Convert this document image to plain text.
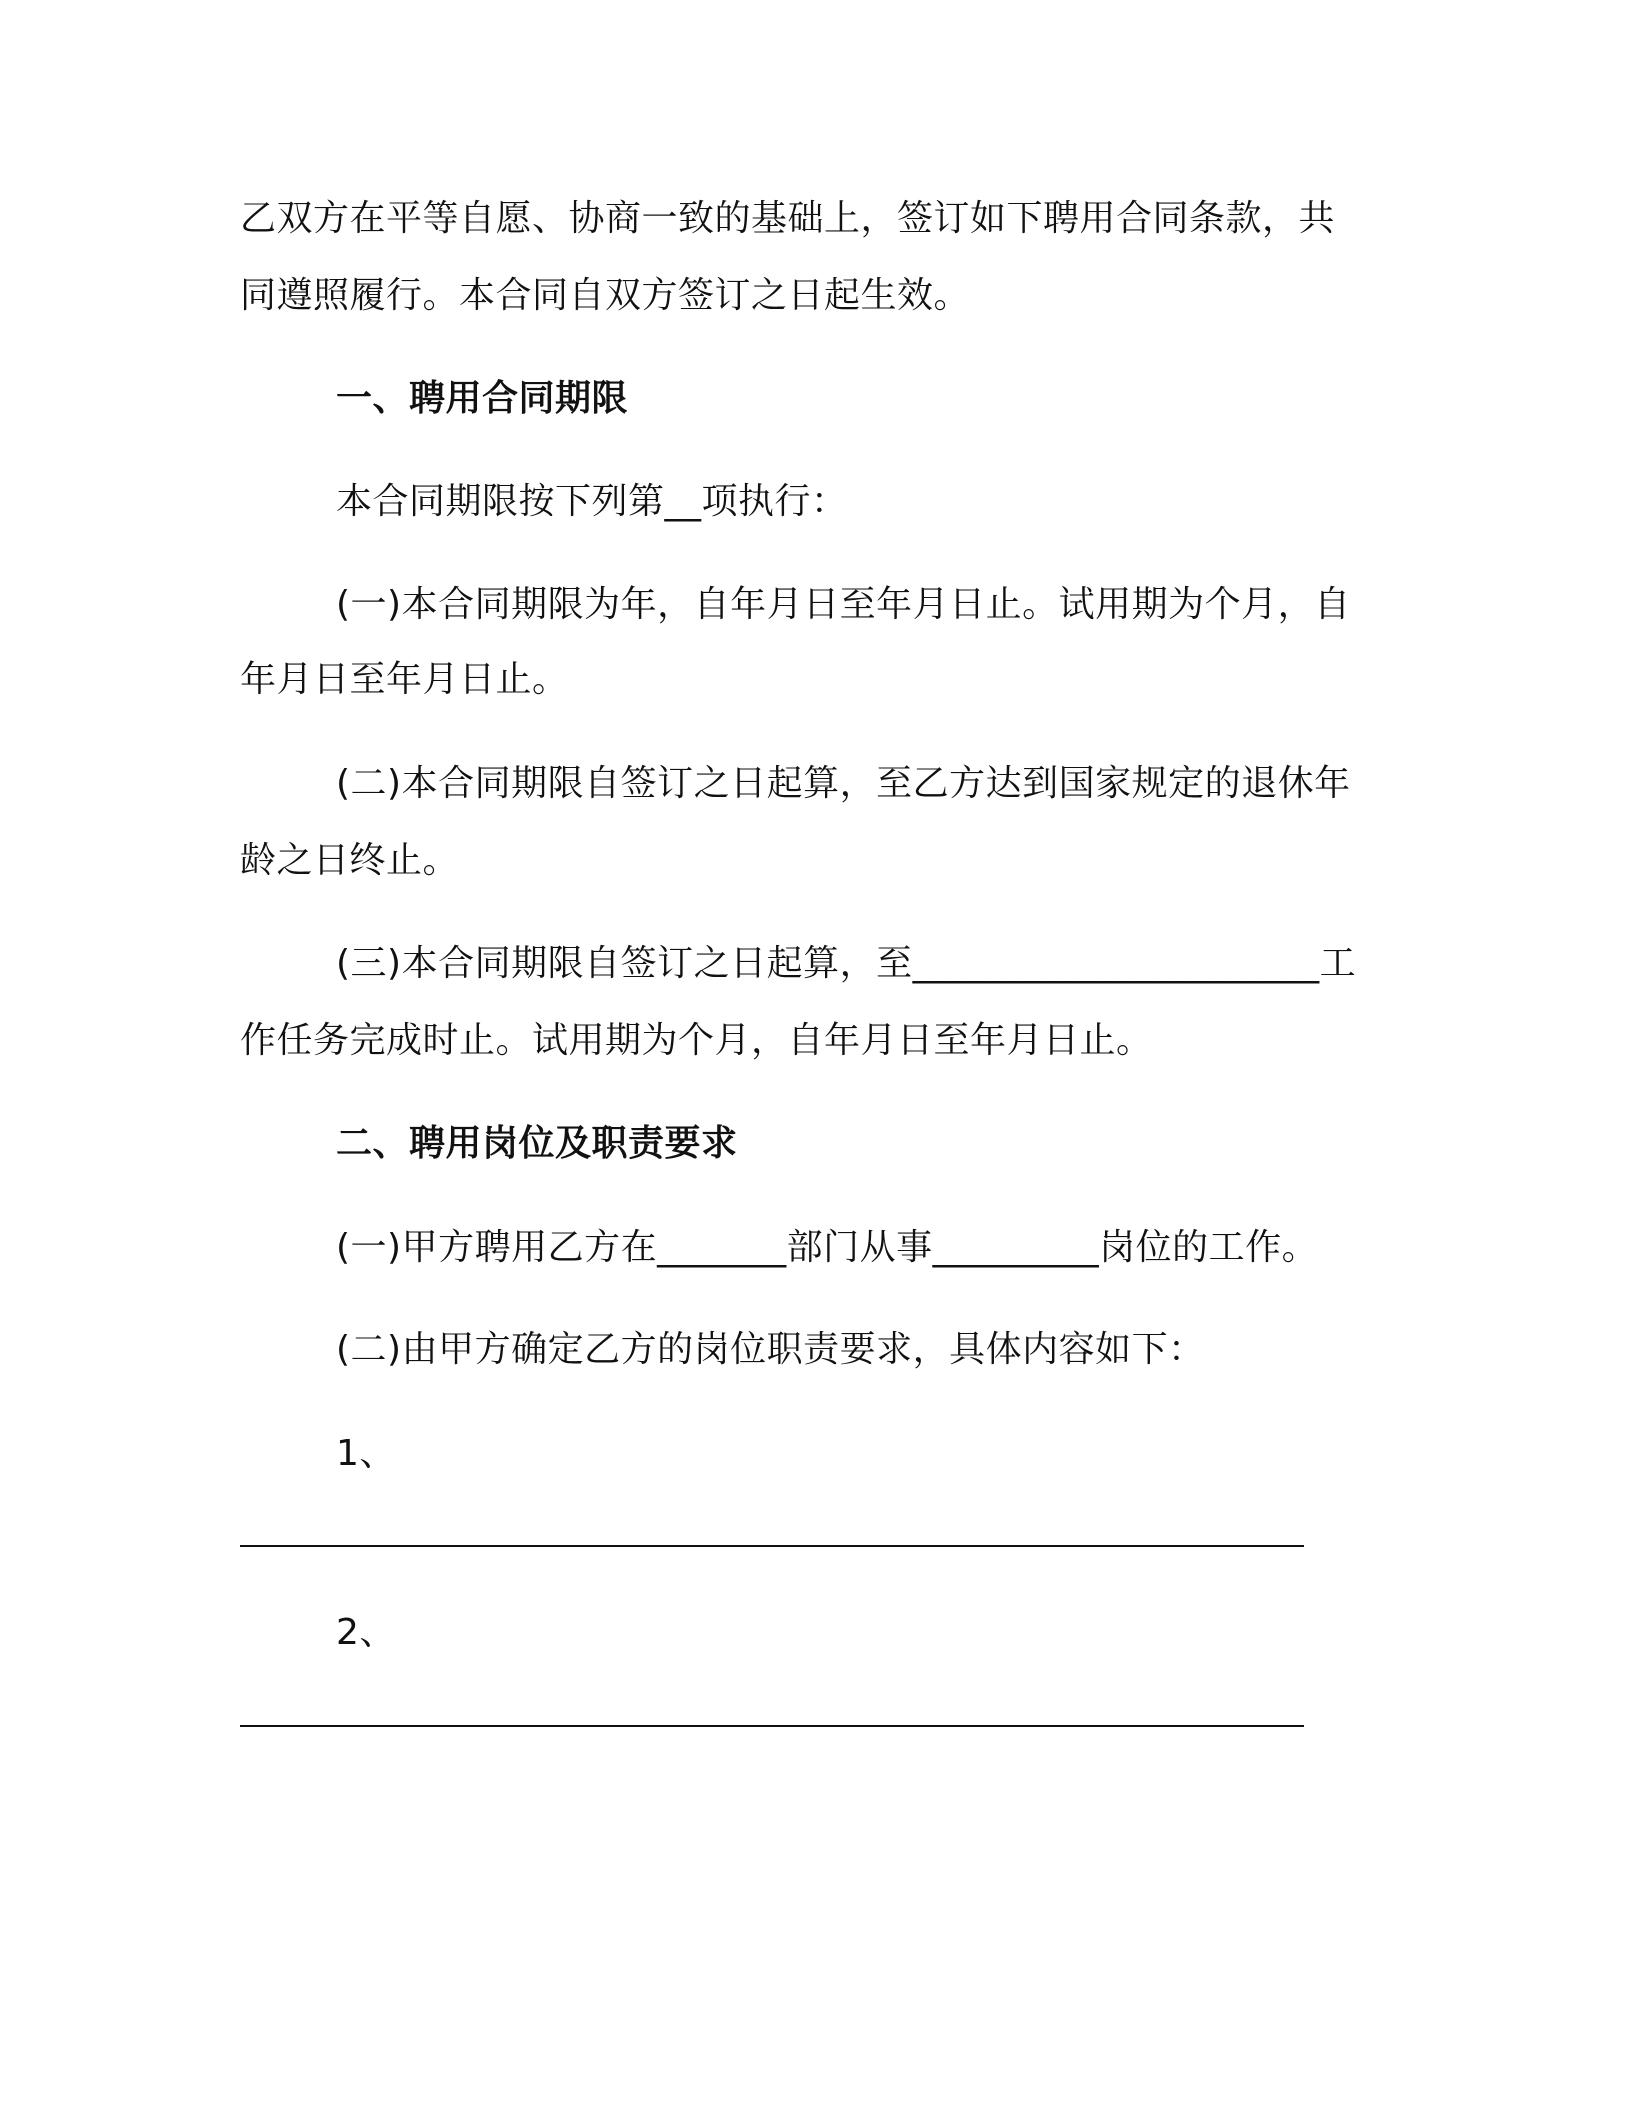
乙双方在平等自愿、协商一致的基础上，签订如下聘用合同条款，共
同遵照履行。本合同自双方签订之日起生效。
一、聘用合同期限
本合同期限按下列第__项执行：
(一)本合同期限为年，自年月日至年月日止。试用期为个月，自
年月日至年月日止。
(二)本合同期限自签订之日起算，至乙方达到国家规定的退休年
龄之日终止。
(三)本合同期限自签订之日起算，至______________________工
作任务完成时止。试用期为个月，自年月日至年月日止。
二、聘用岗位及职责要求
(一)甲方聘用乙方在_______部门从事_________岗位的工作。
(二)由甲方确定乙方的岗位职责要求，具体内容如下：
1、
2、
